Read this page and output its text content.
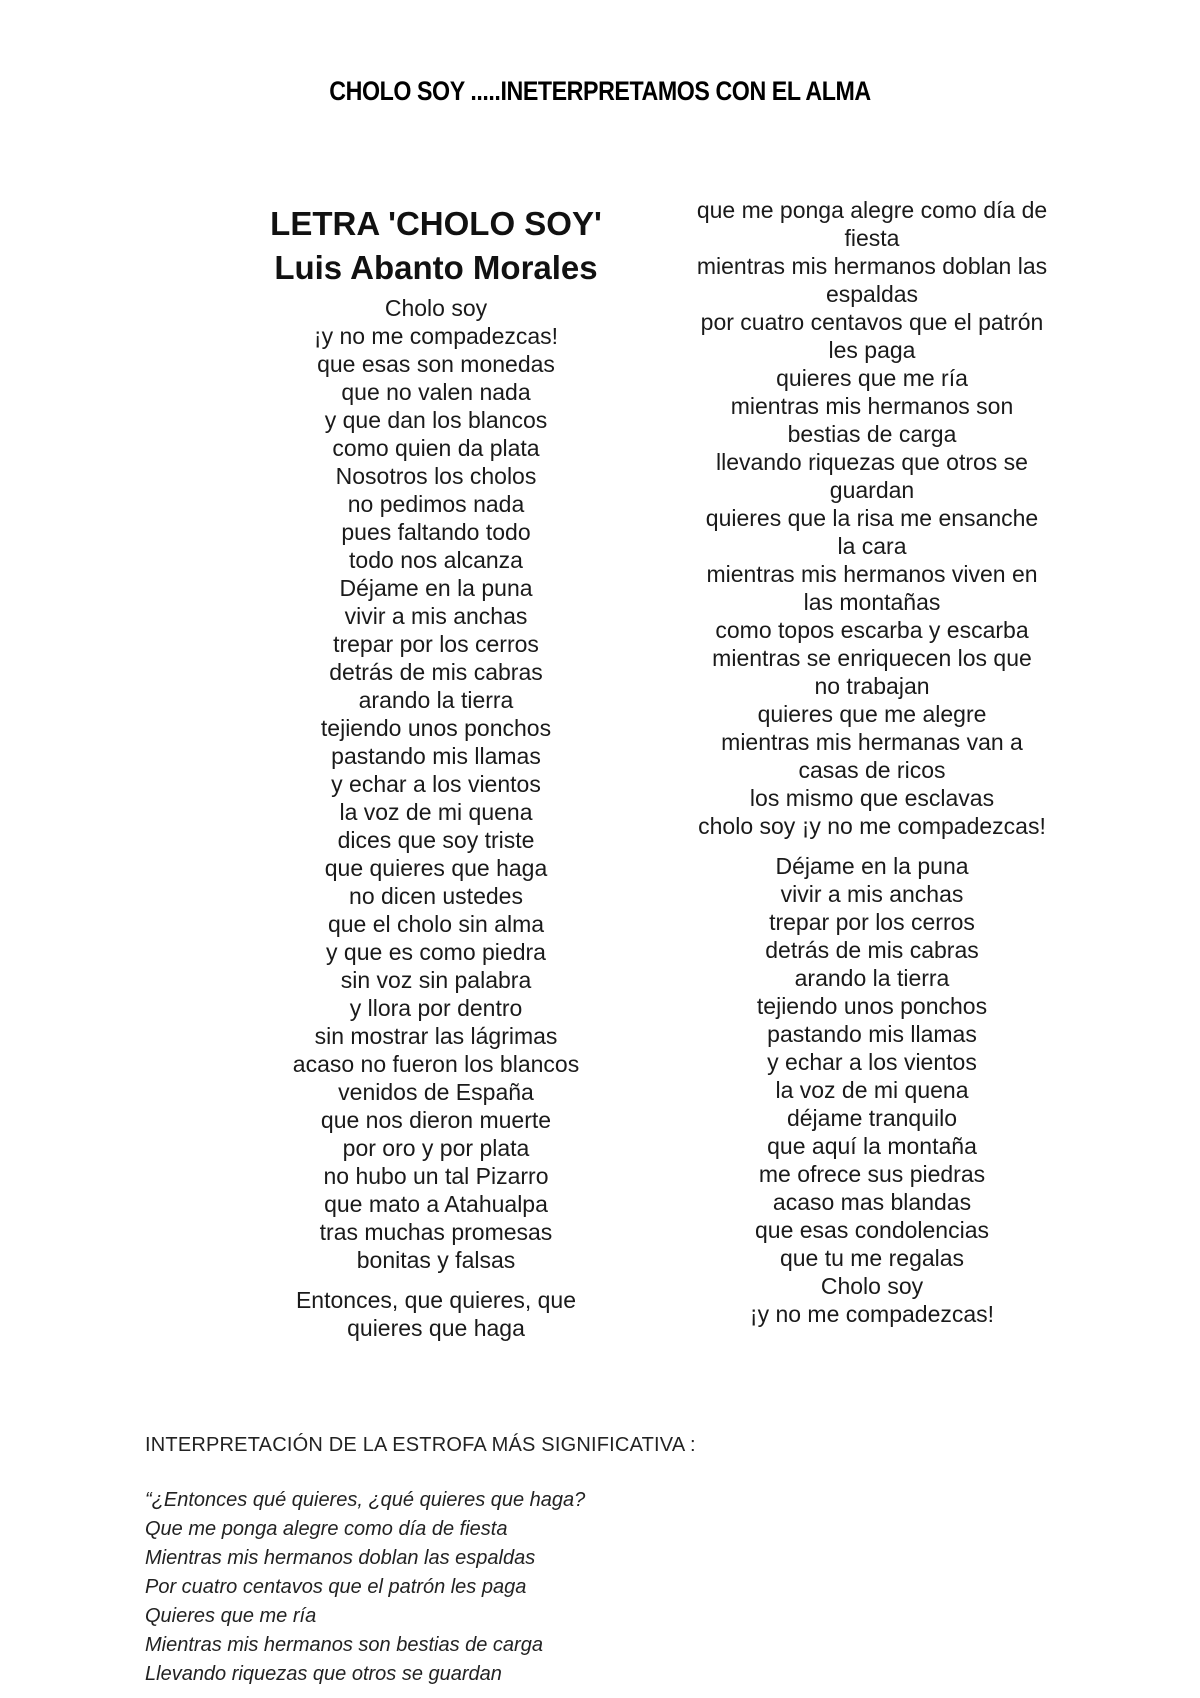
CHOLO SOY .....INETERPRETAMOS CON EL ALMA
LETRA 'CHOLO SOY'
Luis Abanto Morales
Cholo soy
¡y no me compadezcas!
que esas son monedas
que no valen nada
y que dan los blancos
como quien da plata
Nosotros los cholos
no pedimos nada
pues faltando todo
todo nos alcanza
Déjame en la puna
vivir a mis anchas
trepar por los cerros
detrás de mis cabras
arando la tierra
tejiendo unos ponchos
pastando mis llamas
y echar a los vientos
la voz de mi quena
dices que soy triste
que quieres que haga
no dicen ustedes
que el cholo sin alma
y que es como piedra
sin voz sin palabra
y llora por dentro
sin mostrar las lágrimas
acaso no fueron los blancos
venidos de España
que nos dieron muerte
por oro y por plata
no hubo un tal Pizarro
que mato a Atahualpa
tras muchas promesas
bonitas y falsas
Entonces, que quieres, que
quieres que haga
que me ponga alegre como día de
fiesta
mientras mis hermanos doblan las
espaldas
por cuatro centavos que el patrón
les paga
quieres que me ría
mientras mis hermanos son
bestias de carga
llevando riquezas que otros se
guardan
quieres que la risa me ensanche
la cara
mientras mis hermanos viven en
las montañas
como topos escarba y escarba
mientras se enriquecen los que
no trabajan
quieres que me alegre
mientras mis hermanas van a
casas de ricos
los mismo que esclavas
cholo soy ¡y no me compadezcas!
Déjame en la puna
vivir a mis anchas
trepar por los cerros
detrás de mis cabras
arando la tierra
tejiendo unos ponchos
pastando mis llamas
y echar a los vientos
la voz de mi quena
déjame tranquilo
que aquí la montaña
me ofrece sus piedras
acaso mas blandas
que esas condolencias
que tu me regalas
Cholo soy
¡y no me compadezcas!

INTERPRETACIÓN DE LA ESTROFA MÁS SIGNIFICATIVA :

“¿Entonces qué quieres, ¿qué quieres que haga?
Que me ponga alegre como día de fiesta
Mientras mis hermanos doblan las espaldas
Por cuatro centavos que el patrón les paga
Quieres que me ría
Mientras mis hermanos son bestias de carga
Llevando riquezas que otros se guardan
